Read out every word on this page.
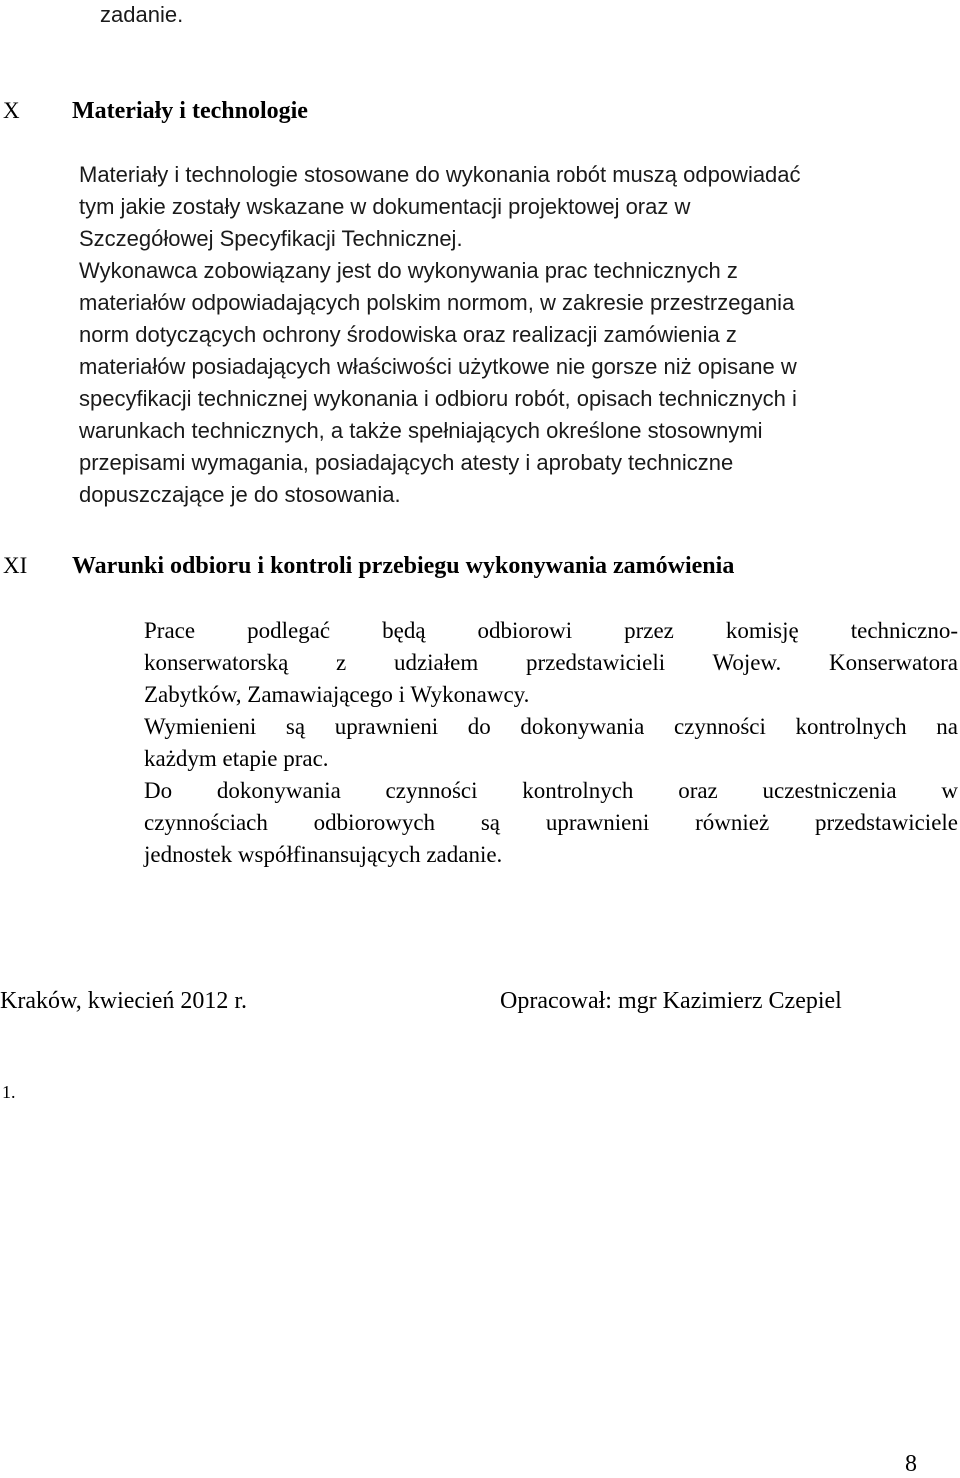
zadanie.
X Materiały i technologie
Materiały i technologie stosowane do wykonania robót muszą odpowiadać
tym jakie zostały wskazane w dokumentacji projektowej oraz w
Szczegółowej Specyfikacji Technicznej.
Wykonawca zobowiązany jest do wykonywania prac technicznych z
materiałów odpowiadających polskim normom, w zakresie przestrzegania
norm dotyczących ochrony środowiska oraz realizacji zamówienia z
materiałów posiadających właściwości użytkowe nie gorsze niż opisane w
specyfikacji technicznej wykonania i odbioru robót, opisach technicznych i
warunkach technicznych, a także spełniających określone stosownymi
przepisami wymagania, posiadających atesty i aprobaty techniczne
dopuszczające je do stosowania.
XI Warunki odbioru i kontroli przebiegu wykonywania zamówienia
Prace podlegać będą odbiorowi przez komisję techniczno-
konserwatorską z udziałem przedstawicieli Wojew. Konserwatora
Zabytków, Zamawiającego i Wykonawcy.
Wymienieni są uprawnieni do dokonywania czynności kontrolnych na
każdym etapie prac.
Do dokonywania czynności kontrolnych oraz uczestniczenia w
czynnościach odbiorowych są uprawnieni również przedstawiciele
jednostek współfinansujących zadanie.
Kraków, kwiecień 2012 r.	Opracował: mgr Kazimierz Czepiel
1.
8
